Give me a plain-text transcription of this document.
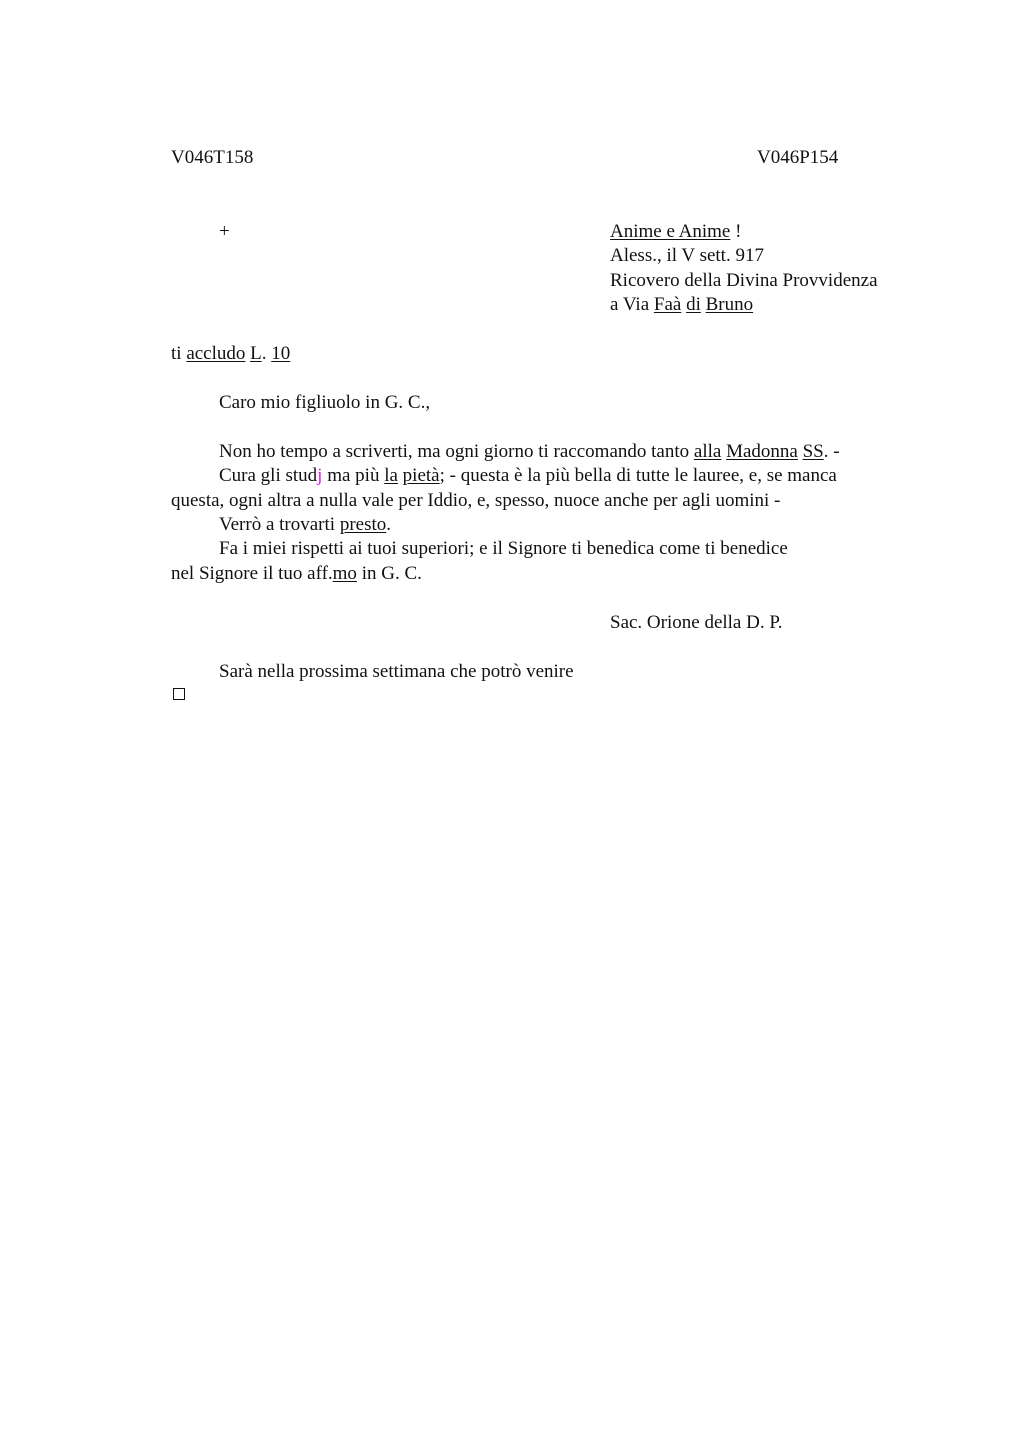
V046T158	V046P154
+	Anime e Anime !
Aless., il V sett. 917
Ricovero della Divina Provvidenza
a Via Faà di Bruno
ti accludo L. 10
Caro mio figliuolo in G. C.,
Non ho tempo a scriverti, ma ogni giorno ti raccomando tanto alla Madonna SS. -
Cura gli studj ma più la pietà; - questa è la più bella di tutte le lauree, e, se manca
questa, ogni altra a nulla vale per Iddio, e, spesso, nuoce anche per agli uomini -
Verrò a trovarti presto.
Fa i miei rispetti ai tuoi superiori; e il Signore ti benedica come ti benedice
nel Signore il tuo aff.mo in G. C.
Sac. Orione della D. P.
Sarà nella prossima settimana che potrò venire
